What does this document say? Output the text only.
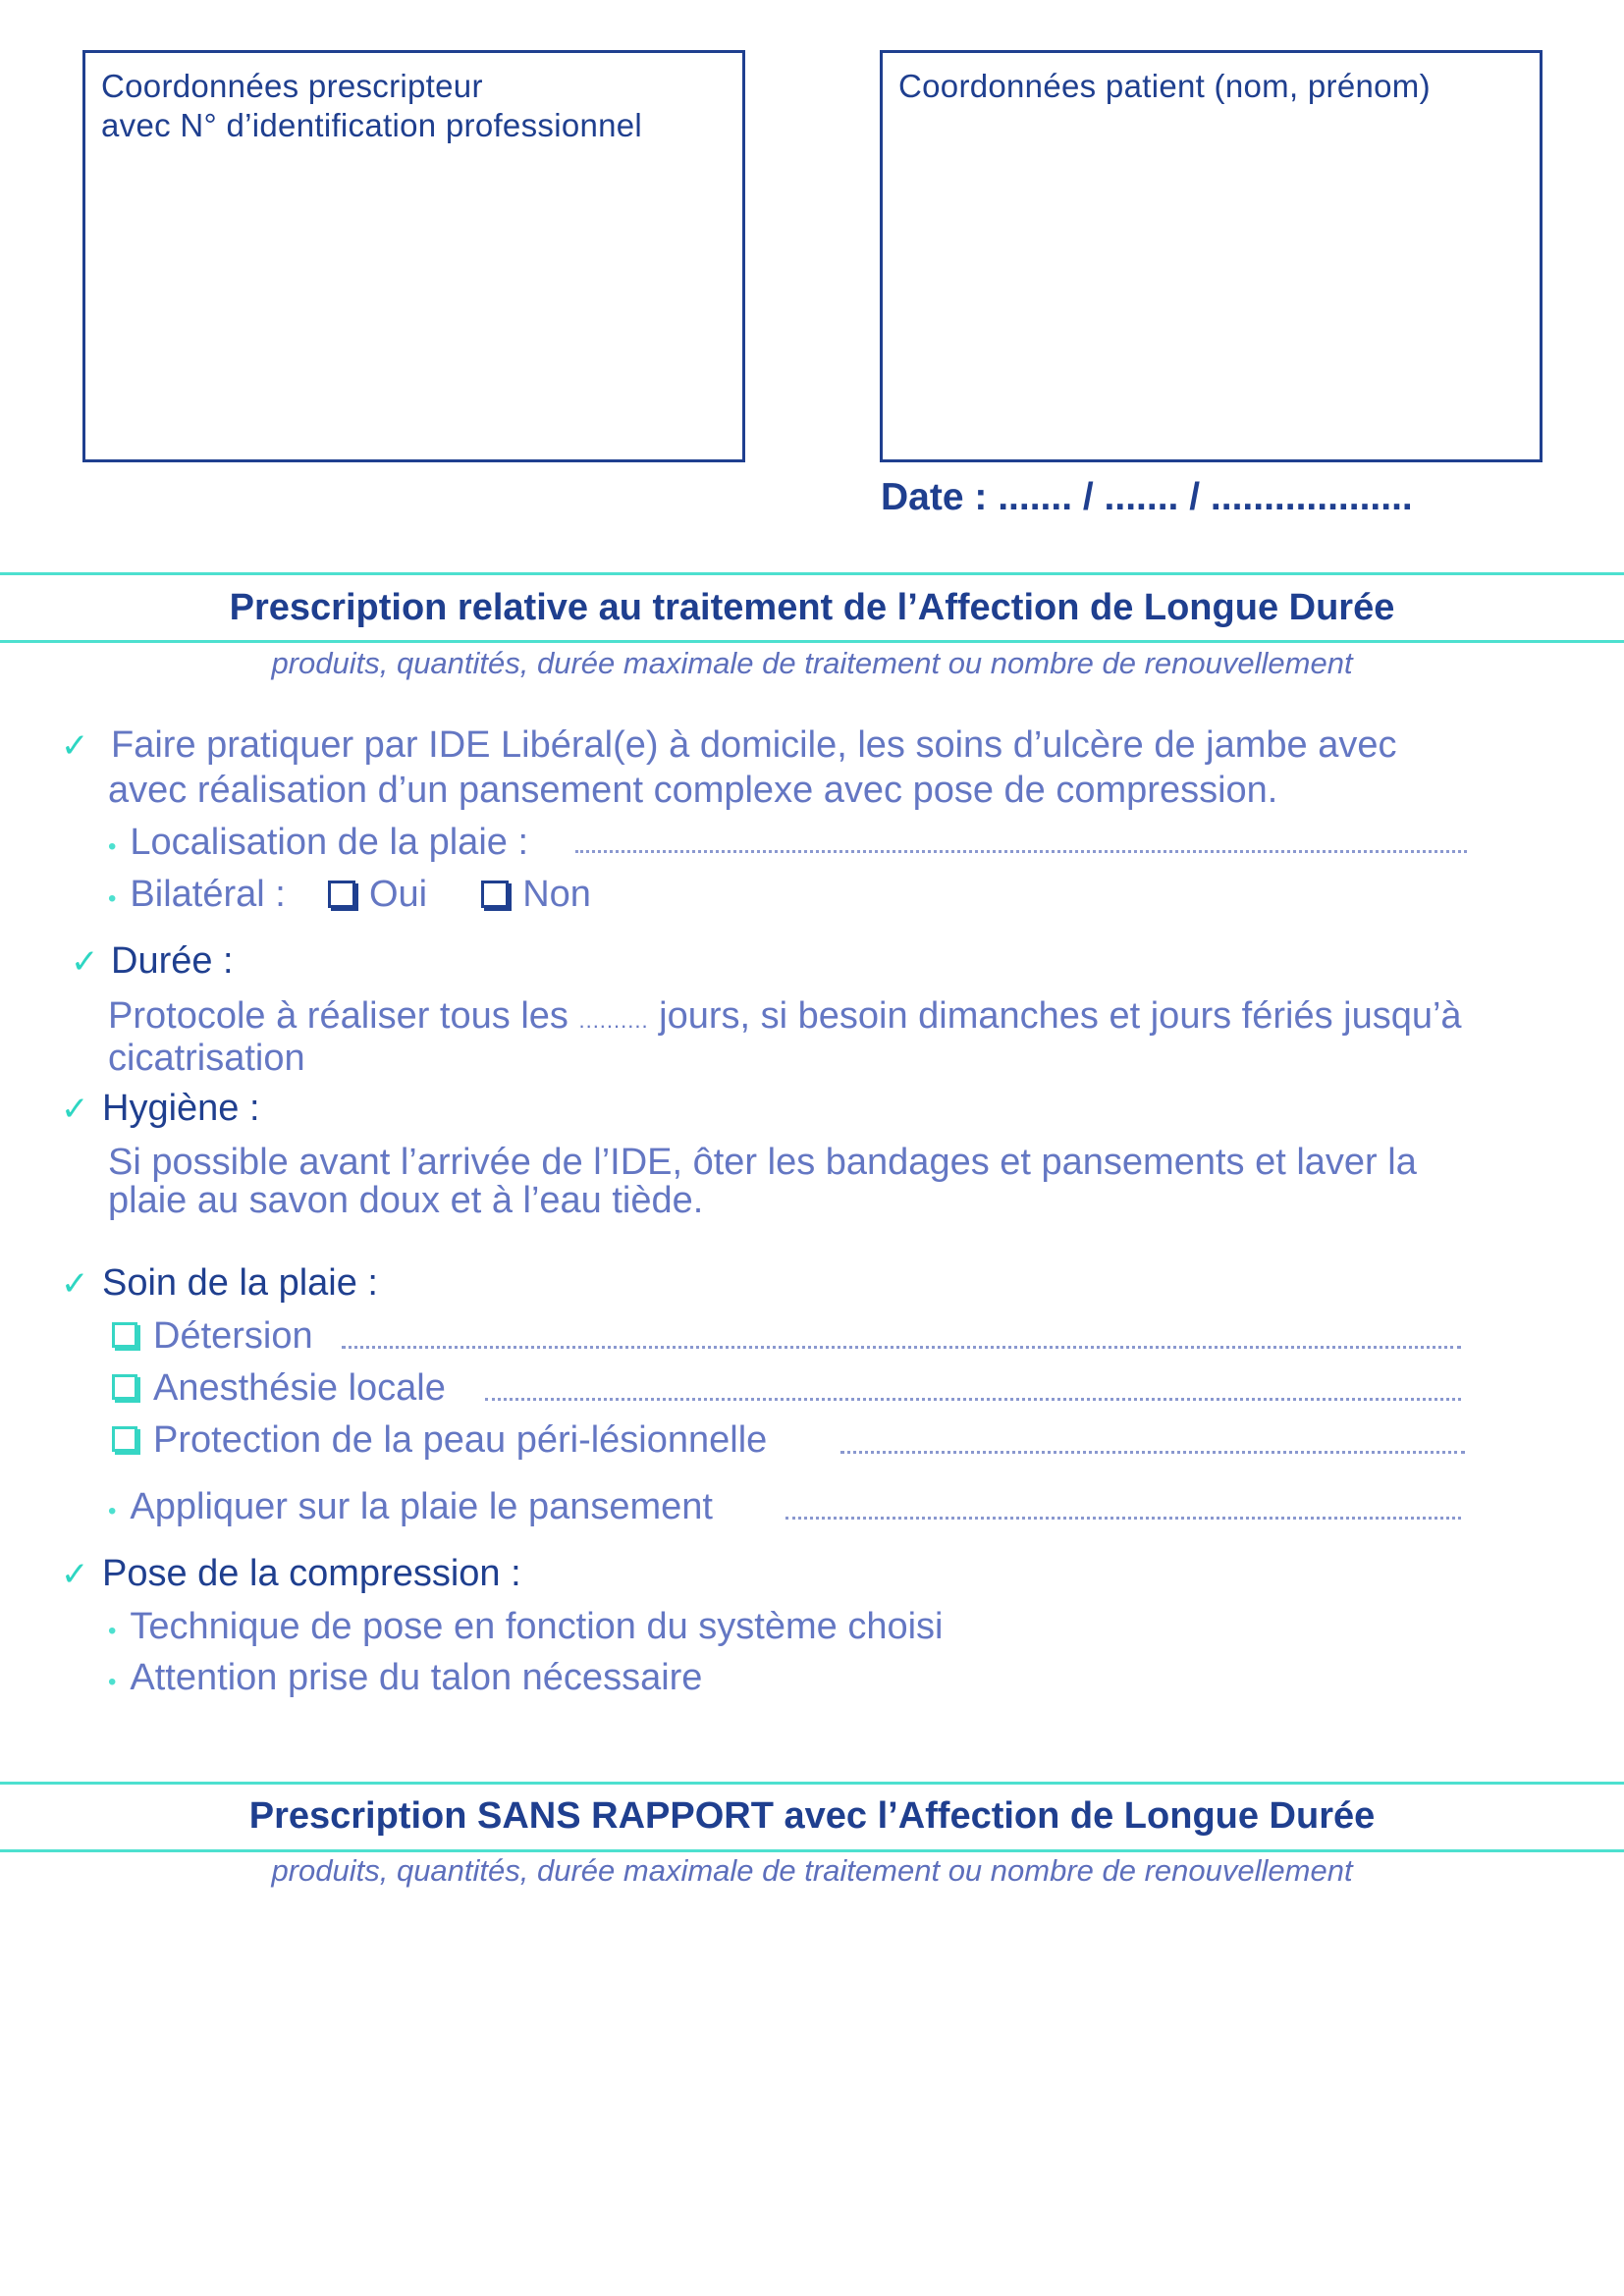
Coordonnées prescripteur
avec N° d’identification professionnel
Coordonnées patient (nom, prénom)
Date : ....... / ....... / ...................
Prescription relative au traitement de l’Affection de Longue Durée
produits, quantités, durée maximale de traitement ou nombre de renouvellement
✓ Faire pratiquer par IDE Libéral(e) à domicile, les soins d’ulcère de jambe avec
avec réalisation d’un pansement complexe avec pose de compression.
• Localisation de la plaie :
• Bilatéral : Oui	Non
✓ Durée :
Protocole à réaliser tous les .......... jours, si besoin dimanches et jours fériés jusqu’à
cicatrisation
✓ Hygiène :
Si possible avant l’arrivée de l’IDE, ôter les bandages et pansements et laver la
plaie au savon doux et à l’eau tiède.
✓ Soin de la plaie :
Détersion
Anesthésie locale
Protection de la peau péri-lésionnelle
• Appliquer sur la plaie le pansement
✓ Pose de la compression :
• Technique de pose en fonction du système choisi
• Attention prise du talon nécessaire
Prescription SANS RAPPORT avec l’Affection de Longue Durée
produits, quantités, durée maximale de traitement ou nombre de renouvellement
